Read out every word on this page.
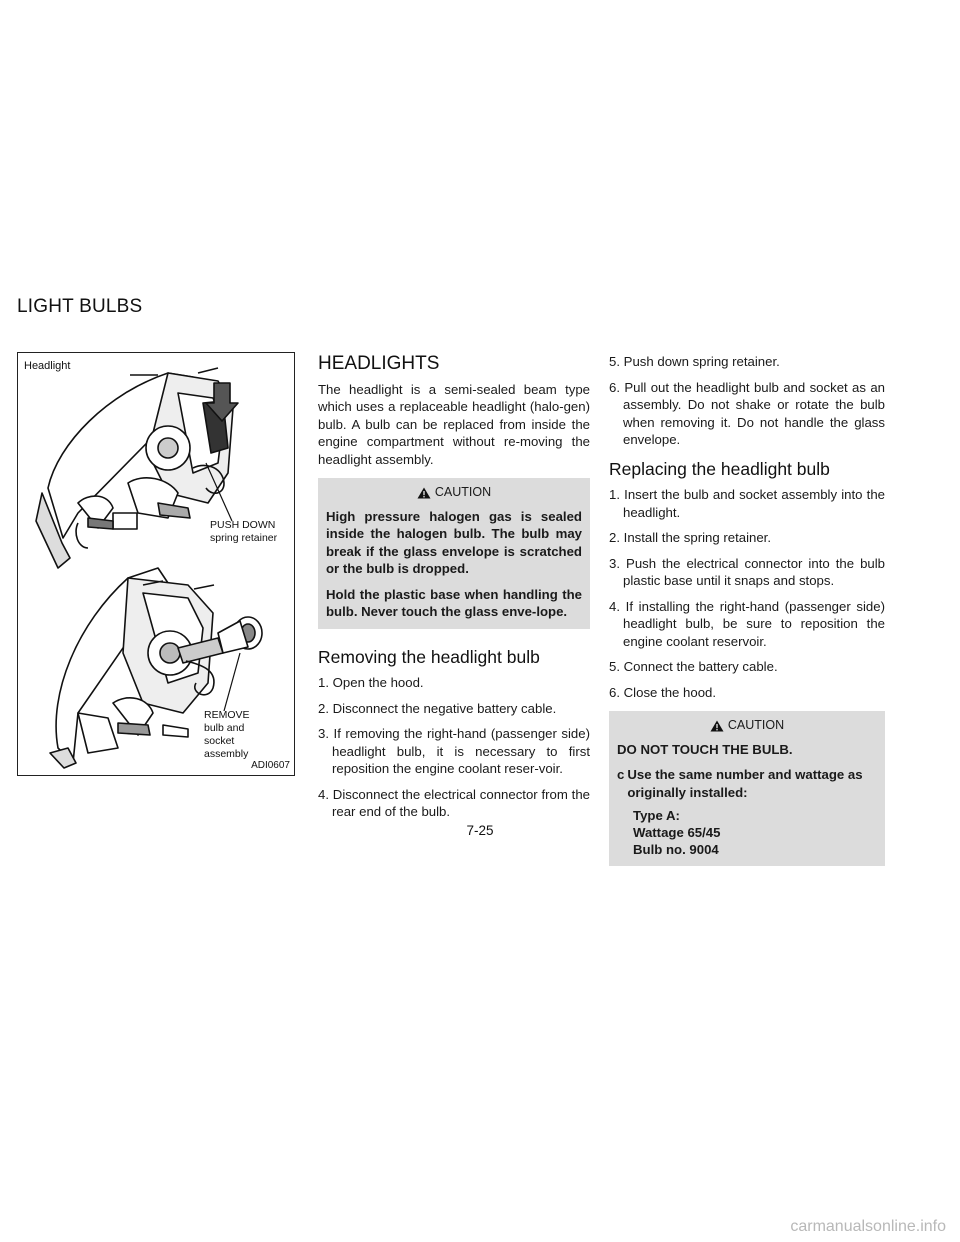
LIGHT BULBS
Headlight
PUSH DOWN
spring retainer
REMOVE
bulb and
socket
assembly
ADI0607
HEADLIGHTS

The headlight is a semi-sealed beam type which uses a replaceable headlight (halo-gen) bulb. A bulb can be replaced from inside the engine compartment without re-moving the headlight assembly.

CAUTION

High pressure halogen gas is sealed inside the halogen bulb. The bulb may break if the glass envelope is scratched or the bulb is dropped.

Hold the plastic base when handling the bulb. Never touch the glass enve-lope.

Removing the headlight bulb
1. Open the hood.
2. Disconnect the negative battery cable.
3. If removing the right-hand (passenger side) headlight bulb, it is necessary to first reposition the engine coolant reser-voir.
4. Disconnect the electrical connector from the rear end of the bulb.
5. Push down spring retainer.
6. Pull out the headlight bulb and socket as an assembly. Do not shake or rotate the bulb when removing it. Do not handle the glass envelope.
Replacing the headlight bulb
1. Insert the bulb and socket assembly into the headlight.
2. Install the spring retainer.
3. Push the electrical connector into the bulb plastic base until it snaps and stops.
4. If installing the right-hand (passenger side) headlight bulb, be sure to reposition the engine coolant reservoir.
5. Connect the battery cable.
6. Close the hood.
CAUTION

DO NOT TOUCH THE BULB.

c Use the same number and wattage as originally installed:
Type A:
Wattage 65/45
Bulb no. 9004
7-25
carmanualsonline.info
